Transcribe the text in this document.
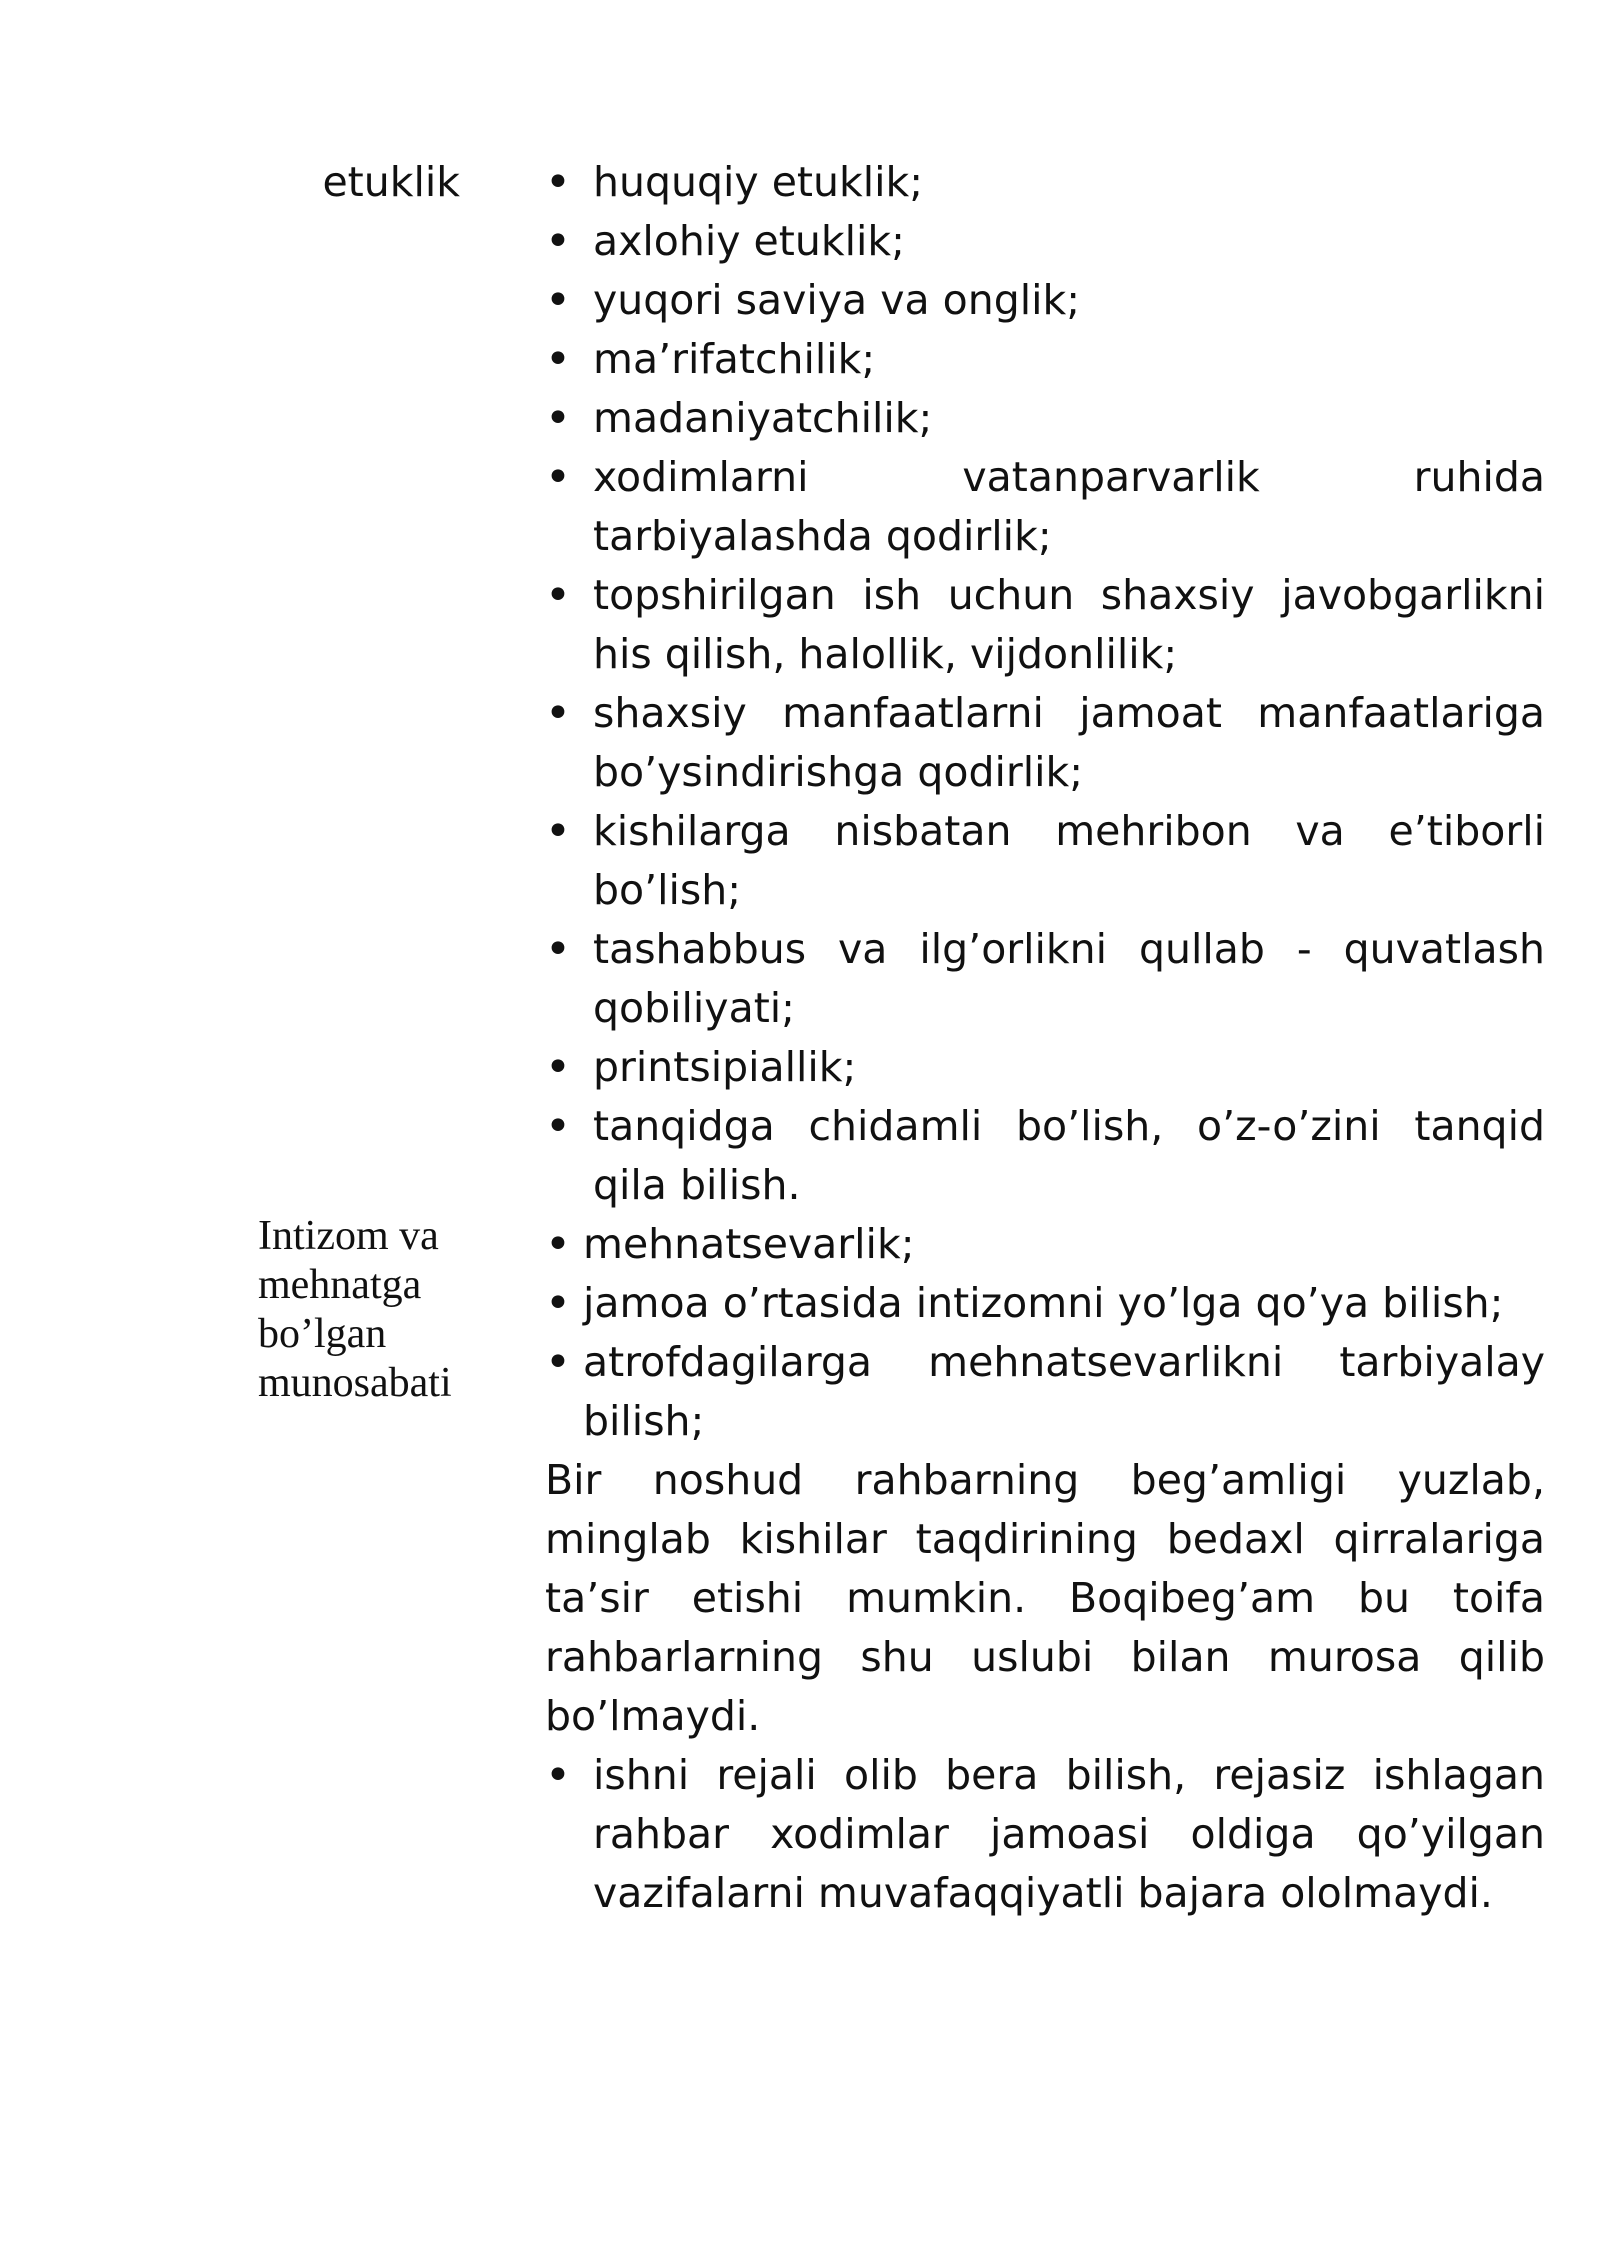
etuklik

Intizom va mehnatga bo’lgan munosabati

•
huquqiy etuklik;
•
axlohiy etuklik;
•
yuqori saviya va onglik;
•
ma’rifatchilik;
•
madaniyatchilik;
•
xodimlarni vatanparvarlik ruhida tarbiyalashda qodirlik;
•
topshirilgan ish uchun shaxsiy javobgarlikni his qilish, halollik, vijdonlilik;
•
shaxsiy manfaatlarni jamoat manfaatlariga bo’ysindirishga qodirlik;
•
kishilarga nisbatan mehribon va e’tiborli bo’lish;
•
tashabbus va ilg’orlikni qullab - quvatlash qobiliyati;
•
printsipiallik;
•
tanqidga chidamli bo’lish, o’z-o’zini tanqid qila bilish.
•
mehnatsevarlik;
•
jamoa o’rtasida intizomni yo’lga qo’ya bilish;
•
atrofdagilarga mehnatsevarlikni tarbiyalay bilish;

Bir noshud rahbarning beg’amligi yuzlab, minglab kishilar taqdirining bedaxl qirralariga ta’sir etishi mumkin. Boqibeg’am bu toifa rahbarlarning shu uslubi bilan murosa qilib bo’lmaydi.

•
ishni rejali olib bera bilish, rejasiz ishlagan rahbar xodimlar jamoasi oldiga qo’yilgan vazifalarni muvafaqqiyatli bajara ololmaydi.
